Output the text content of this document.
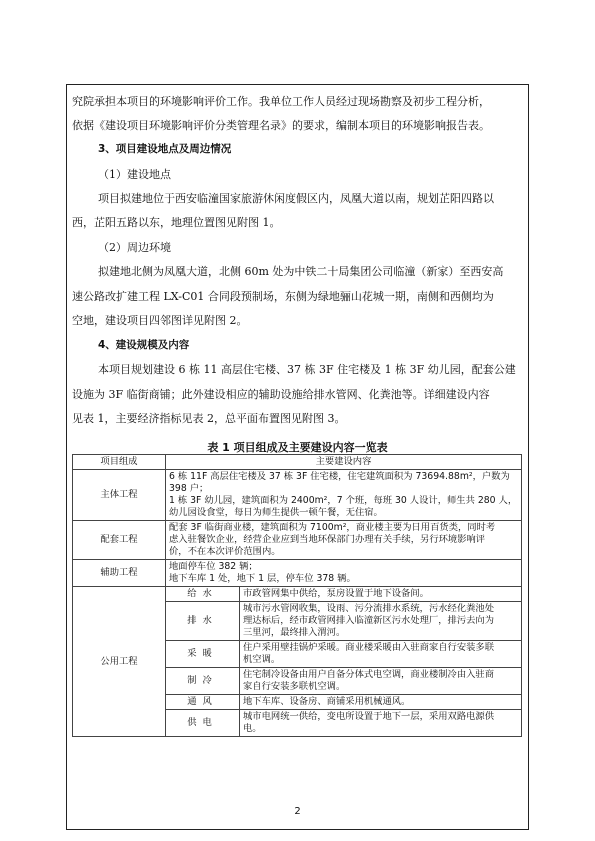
究院承担本项目的环境影响评价工作。我单位工作人员经过现场勘察及初步工程分析，
依据《建设项目环境影响评价分类管理名录》的要求，编制本项目的环境影响报告表。
3、项目建设地点及周边情况
（1）建设地点
项目拟建地位于西安临潼国家旅游休闲度假区内，凤凰大道以南，规划芷阳四路以
西，芷阳五路以东，地理位置图见附图 1。
（2）周边环境
拟建地北侧为凤凰大道，北侧 60m 处为中铁二十局集团公司临潼（新家）至西安高
速公路改扩建工程 LX-C01 合同段预制场，东侧为绿地骊山花城一期，南侧和西侧均为
空地，建设项目四邻图详见附图 2。
4、建设规模及内容
本项目规划建设 6 栋 11 高层住宅楼、37 栋 3F 住宅楼及 1 栋 3F 幼儿园，配套公建
设施为 3F 临街商铺；此外建设相应的辅助设施给排水管网、化粪池等。详细建设内容
见表 1，主要经济指标见表 2，总平面布置图见附图 3。
表 1 项目组成及主要建设内容一览表
项目组成	主要建设内容	
主体工程	6 栋 11F 高层住宅楼及 37 栋 3F 住宅楼，住宅建筑面积为 73694.88m²，户数为
398 户；
1 栋 3F 幼儿园，建筑面积为 2400m²，7 个班，每班 30 人设计，师生共 280 人，
幼儿园设食堂，每日为师生提供一顿午餐，无住宿。	

配套工程	配套 3F 临街商业楼，建筑面积为 7100m²，商业楼主要为日用百货类，同时考
虑入驻餐饮企业，经营企业应到当地环保部门办理有关手续，另行环境影响评
价，不在本次评价范围内。	

辅助工程	地面停车位 382 辆；
地下车库 1 处，地下 1 层，停车位 378 辆。	

公用工程	给水	市政管网集中供给，泵房设置于地下设备间。
	排水	城市污水管网收集，设雨、污分流排水系统，污水经化粪池处
理达标后，经市政管网排入临潼新区污水处理厂，排污去向为
三里河，最终排入渭河。

	采暖	住户采用壁挂锅炉采暖。商业楼采暖由入驻商家自行安装多联
机空调。

	制冷	住宅制冷设备由用户自备分体式电空调，商业楼制冷由入驻商
家自行安装多联机空调。

	通风	地下车库、设备房、商铺采用机械通风。
	供电	城市电网统一供给，变电所设置于地下一层，采用双路电源供
电。
2
